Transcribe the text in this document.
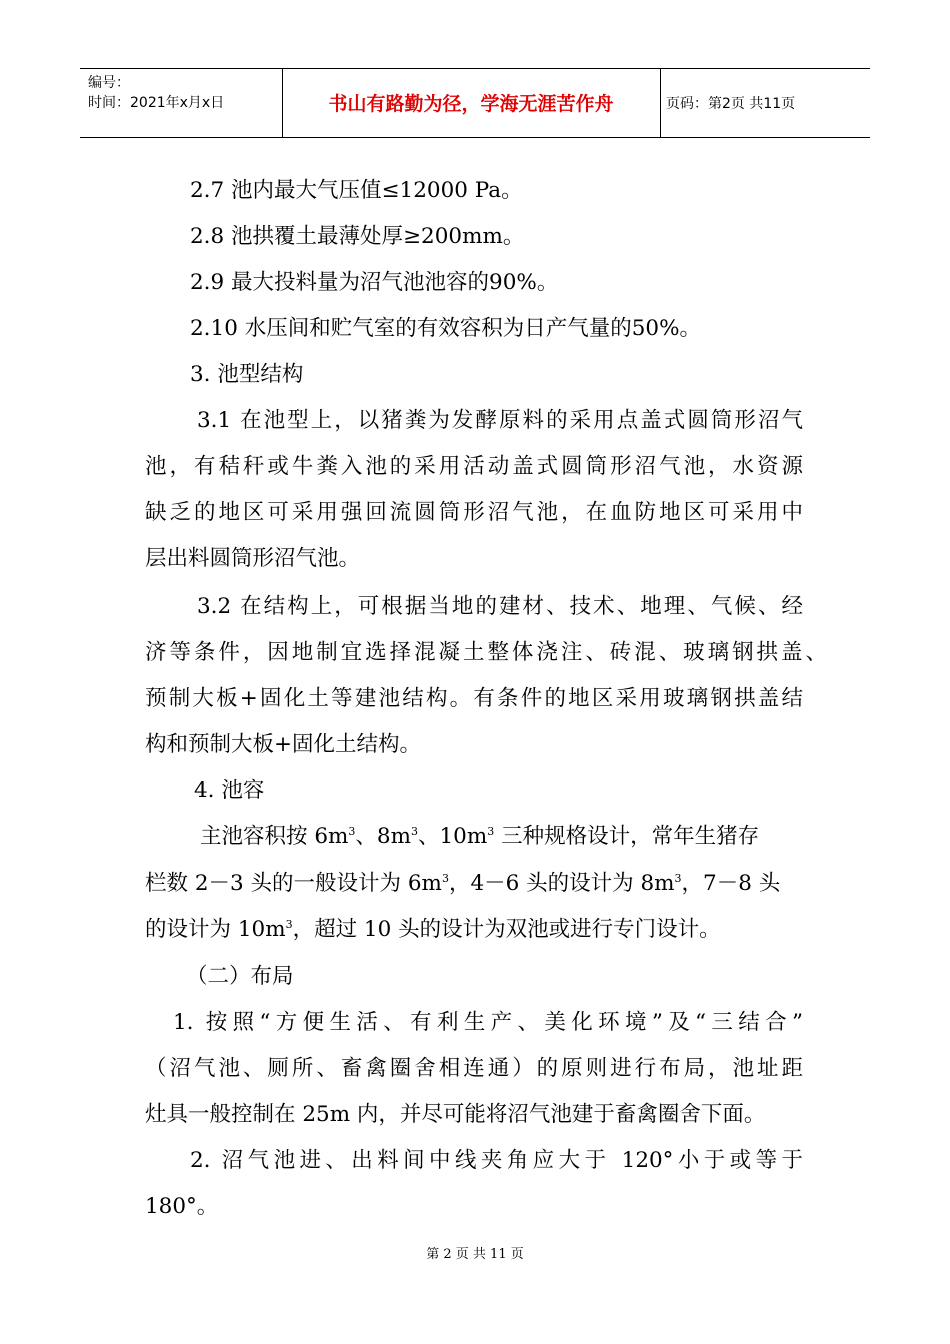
编号：
时间：2021年x月x日	书山有路勤为径，学海无涯苦作舟	页码：第2页 共11页
2.7 池内最大气压值≤12000 Pa。
2.8 池拱覆土最薄处厚≥200mm。
2.9 最大投料量为沼气池池容的90%。
2.10 水压间和贮气室的有效容积为日产气量的50%。
3. 池型结构
3.1 在池型上，以猪粪为发酵原料的采用点盖式圆筒形沼气
池，有秸秆或牛粪入池的采用活动盖式圆筒形沼气池，水资源
缺乏的地区可采用强回流圆筒形沼气池，在血防地区可采用中
层出料圆筒形沼气池。
3.2 在结构上，可根据当地的建材、技术、地理、气候、经
济等条件，因地制宜选择混凝土整体浇注、砖混、玻璃钢拱盖、
预制大板+固化土等建池结构。有条件的地区采用玻璃钢拱盖结
构和预制大板+固化土结构。
4. 池容
主池容积按 $6m^3$、$8m^3$、$10m^3$ 三种规格设计，常年生猪存
栏数 2－3 头的一般设计为 $6m^3$，4－6 头的设计为 $8m^3$，7－8 头
的设计为 $10m^3$，超过 10 头的设计为双池或进行专门设计。
（二）布局
1. 按照“方便生活、有利生产、美化环境”及“三结合”
（沼气池、厕所、畜禽圈舍相连通）的原则进行布局，池址距
灶具一般控制在 25m 内，并尽可能将沼气池建于畜禽圈舍下面。
2. 沼气池进、出料间中线夹角应大于 120°小于或等于
180°。
第 2 页 共 11 页
